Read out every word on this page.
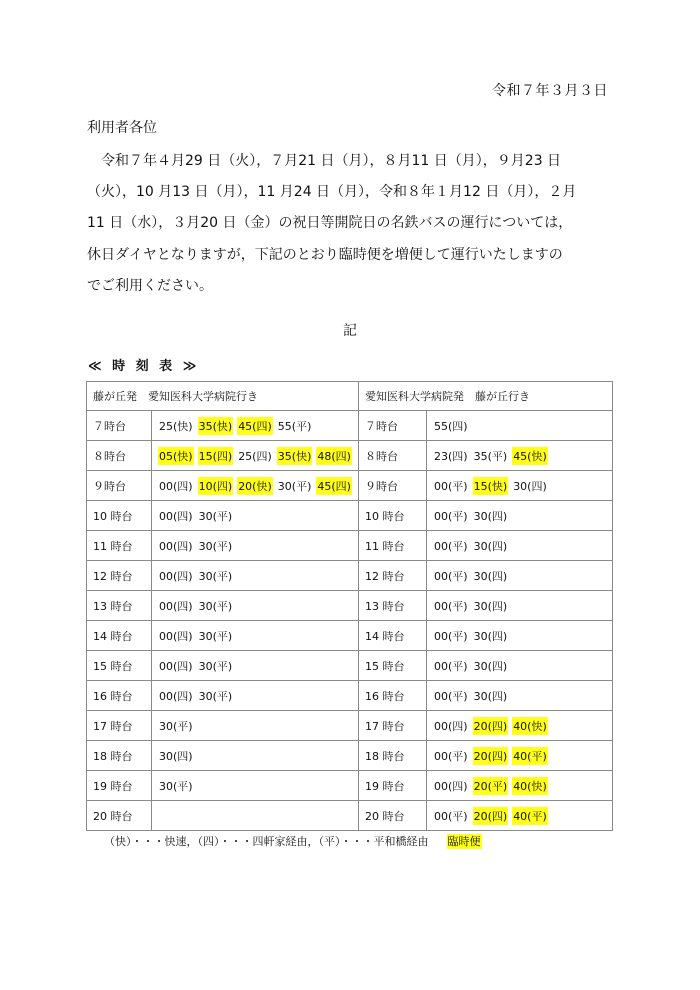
令和７年３月３日
利用者各位

　令和７年４月29 日（火），７月21 日（月），８月11 日（月），９月23 日

（火），10 月13 日（月），11 月24 日（月），令和８年１月12 日（月），２月

11 日（水），３月20 日（金）の祝日等開院日の名鉄バスの運行については，

休日ダイヤとなりますが，下記のとおり臨時便を増便して運行いたしますの

でご利用ください。

記
≪ 時 刻 表 ≫
藤が丘発　愛知医科大学病院行き		愛知医科大学病院発　藤が丘行き	
７時台	25(快) 35(快) 45(四) 55(平)	７時台	55(四)
８時台	05(快) 15(四) 25(四) 35(快) 48(四)	８時台	23(四) 35(平) 45(快)
９時台	00(四) 10(四) 20(快) 30(平) 45(四)	９時台	00(平) 15(快) 30(四)
10 時台	00(四) 30(平)	10 時台	00(平) 30(四)
11 時台	00(四) 30(平)	11 時台	00(平) 30(四)
12 時台	00(四) 30(平)	12 時台	00(平) 30(四)
13 時台	00(四) 30(平)	13 時台	00(平) 30(四)
14 時台	00(四) 30(平)	14 時台	00(平) 30(四)
15 時台	00(四) 30(平)	15 時台	00(平) 30(四)
16 時台	00(四) 30(平)	16 時台	00(平) 30(四)
17 時台	30(平)	17 時台	00(四) 20(四) 40(快)
18 時台	30(四)	18 時台	00(平) 20(四) 40(平)
19 時台	30(平)	19 時台	00(四) 20(平) 40(快)
20 時台		20 時台	00(平) 20(四) 40(平)
（快）・・・快速，（四）・・・四軒家経由，（平）・・・平和橋経由 臨時便
